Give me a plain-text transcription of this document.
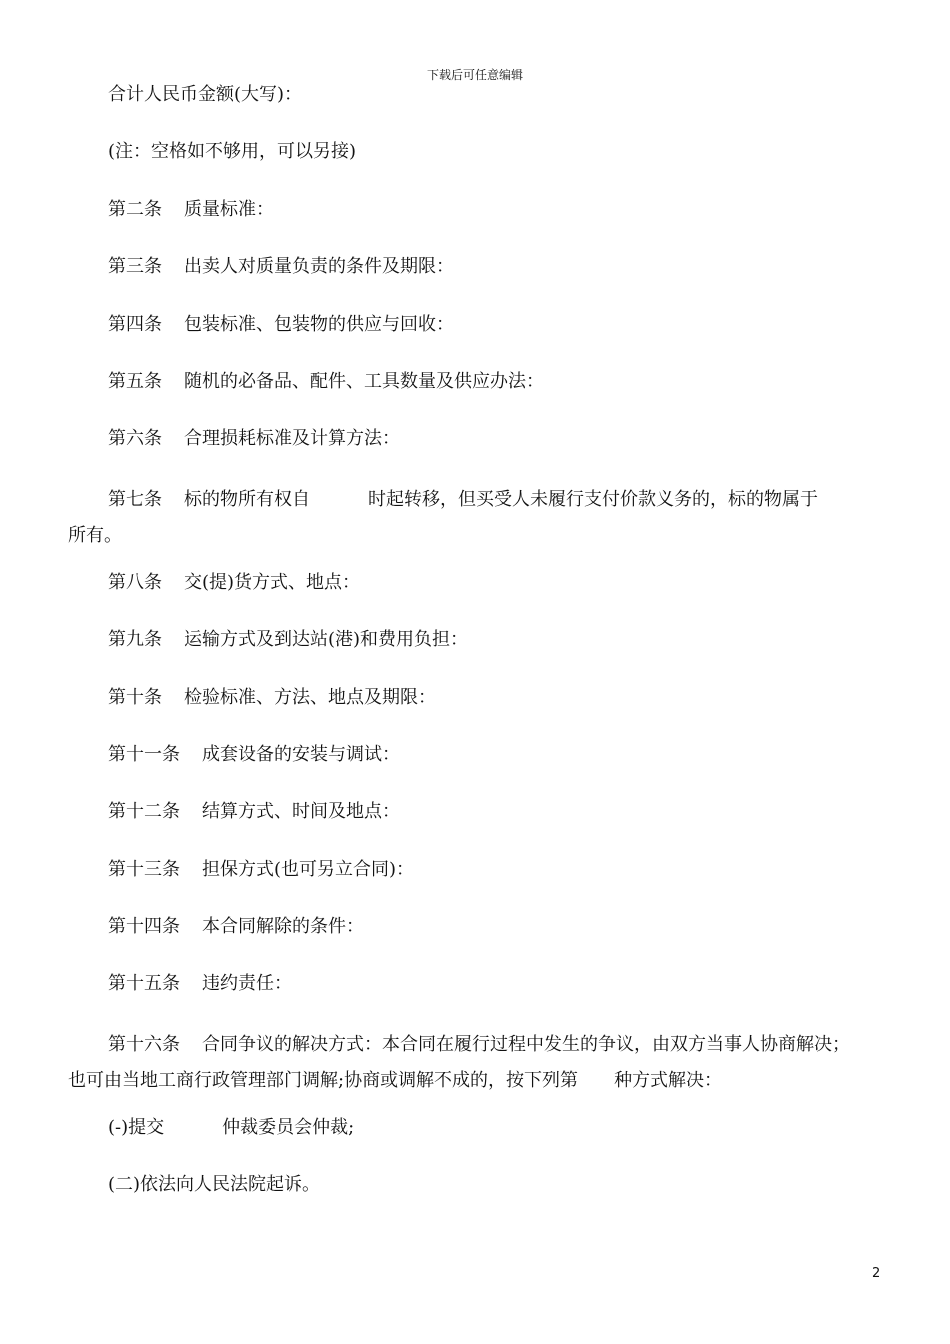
下载后可任意编辑
合计人民币金额(大写)：
(注：空格如不够用，可以另接)
第二条 质量标准：
第三条 出卖人对质量负责的条件及期限：
第四条 包装标准、包装物的供应与回收：
第五条 随机的必备品、配件、工具数量及供应办法：
第六条 合理损耗标准及计算方法：
第七条 标的物所有权自	时起转移，但买受人未履行支付价款义务的，标的物属于
所有。
第八条 交(提)货方式、地点：
第九条 运输方式及到达站(港)和费用负担：
第十条 检验标准、方法、地点及期限：
第十一条 成套设备的安装与调试：
第十二条 结算方式、时间及地点：
第十三条 担保方式(也可另立合同)：
第十四条 本合同解除的条件：
第十五条 违约责任：
第十六条 合同争议的解决方式：本合同在履行过程中发生的争议，由双方当事人协商解决；
也可由当地工商行政管理部门调解;协商或调解不成的，按下列第 种方式解决：
(-)提交	仲裁委员会仲裁;
(二)依法向人民法院起诉。
2
